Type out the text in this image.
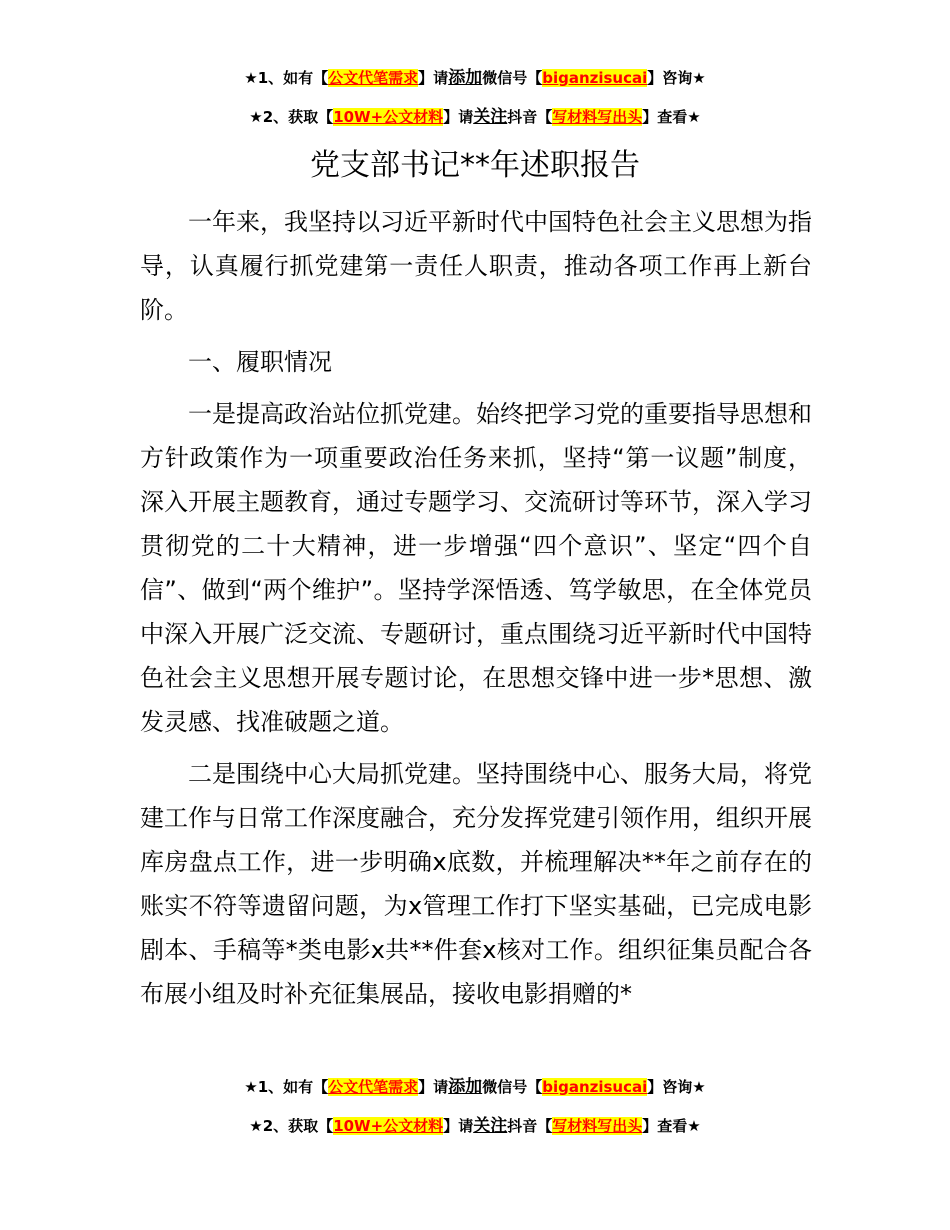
★1、如有【公文代笔需求】请添加微信号【biganzisucai】咨询★
★2、获取【10W+公文材料】请关注抖音【写材料写出头】查看★
党支部书记**年述职报告

一年来，我坚持以习近平新时代中国特色社会主义思想为指导，认真履行抓党建第一责任人职责，推动各项工作再上新台阶。

一、履职情况

一是提高政治站位抓党建。始终把学习党的重要指导思想和方针政策作为一项重要政治任务来抓，坚持“第一议题”制度，深入开展主题教育，通过专题学习、交流研讨等环节，深入学习贯彻党的二十大精神，进一步增强“四个意识”、坚定“四个自信”、做到“两个维护”。坚持学深悟透、笃学敏思，在全体党员中深入开展广泛交流、专题研讨，重点围绕习近平新时代中国特色社会主义思想开展专题讨论，在思想交锋中进一步*思想、激发灵感、找准破题之道。

二是围绕中心大局抓党建。坚持围绕中心、服务大局，将党建工作与日常工作深度融合，充分发挥党建引领作用，组织开展库房盘点工作，进一步明确x底数，并梳理解决**年之前存在的账实不符等遗留问题，为x管理工作打下坚实基础，已完成电影剧本、手稿等*类电影x共**件套x核对工作。组织征集员配合各布展小组及时补充征集展品，接收电影捐赠的*

★1、如有【公文代笔需求】请添加微信号【biganzisucai】咨询★
★2、获取【10W+公文材料】请关注抖音【写材料写出头】查看★
